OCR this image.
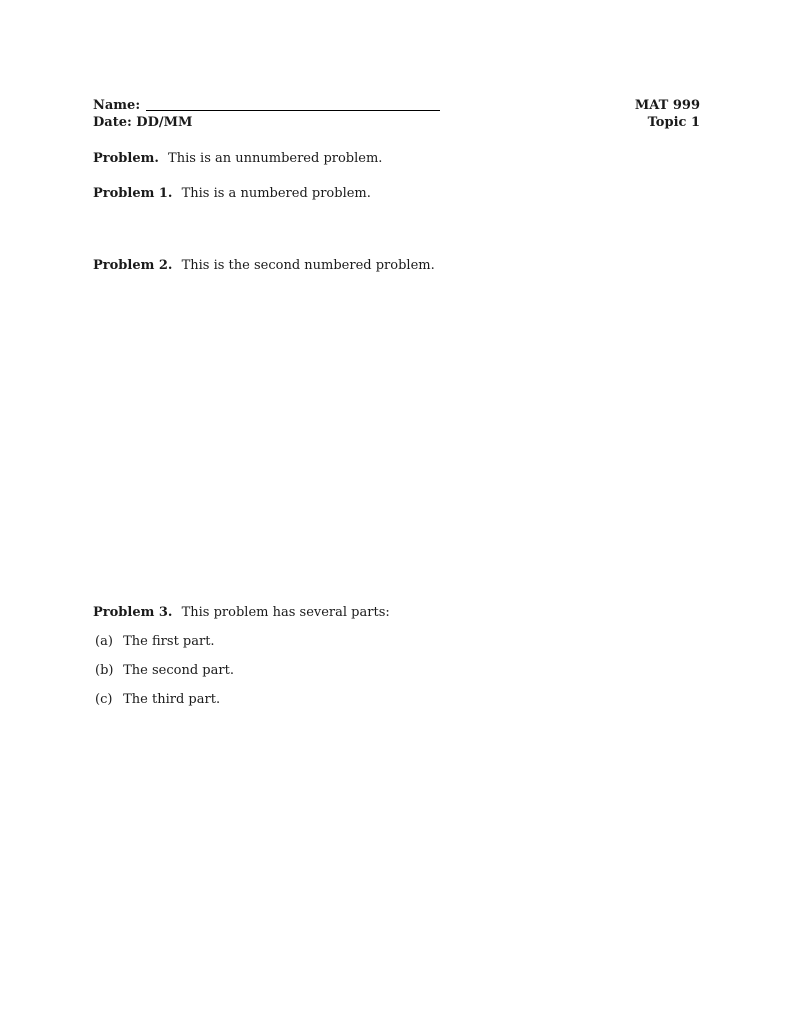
Name:
Date: DD/MM
MAT 999
Topic 1
Problem. This is an unnumbered problem.
Problem 1. This is a numbered problem.
Problem 2. This is the second numbered problem.
Problem 3. This problem has several parts:
(a) The first part.
(b) The second part.
(c) The third part.
